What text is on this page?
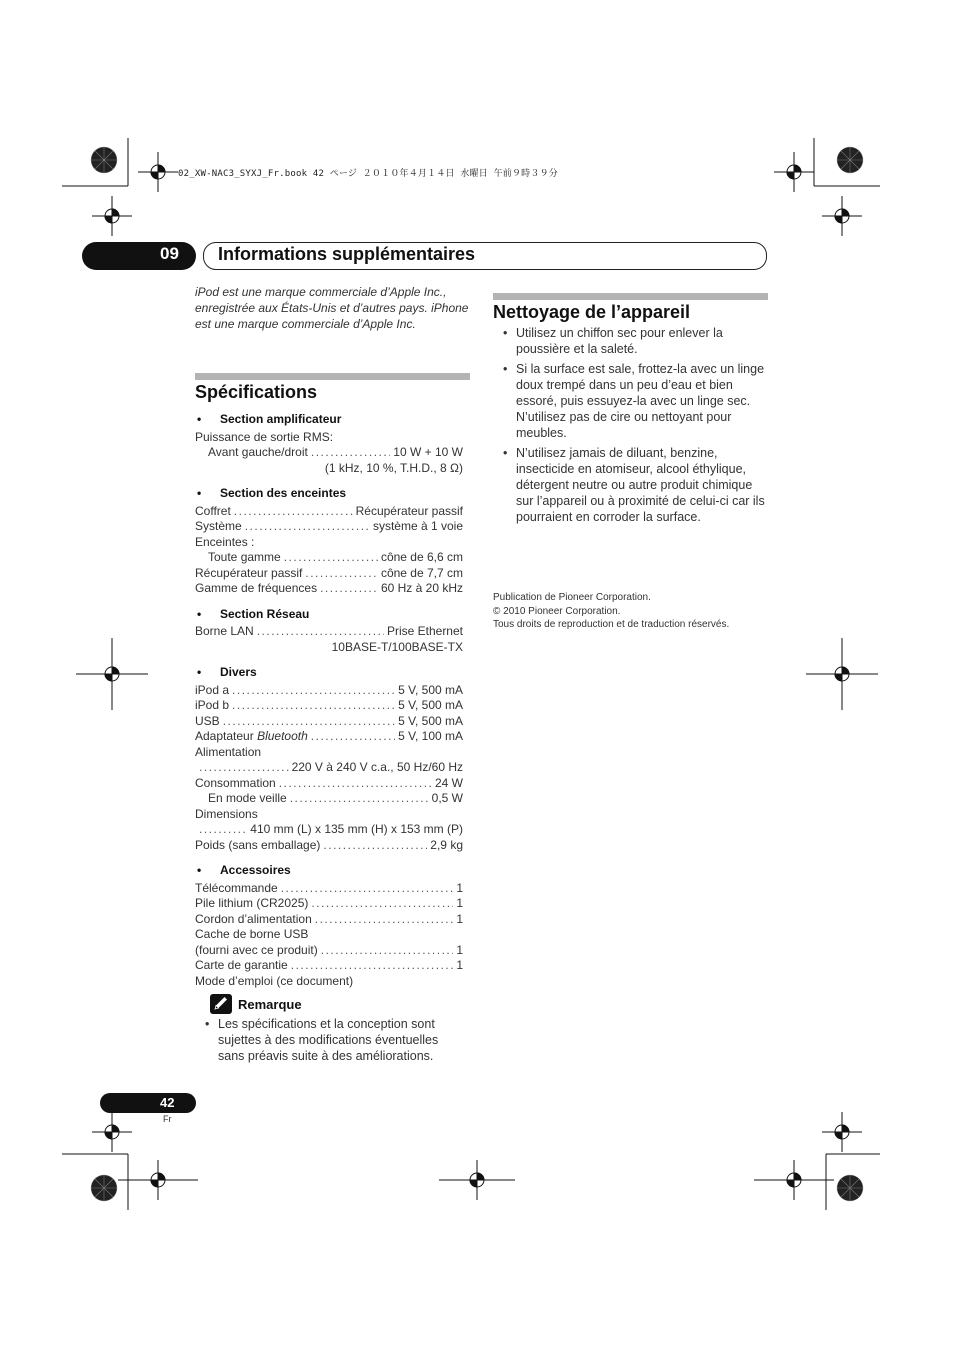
02_XW-NAC3_SYXJ_Fr.book 42 ページ ２０１０年４月１４日 水曜日 午前９時３９分
09 Informations supplémentaires
iPod est une marque commerciale d’Apple Inc., enregistrée aux États-Unis et d’autres pays. iPhone est une marque commerciale d’Apple Inc.
Spécifications
• Section amplificateur
Puissance de sortie RMS:
Avant gauche/droit .....	10 W + 10 W
(1 kHz, 10 %, T.H.D., 8 Ω)
• Section des enceintes
Coffret .....	Récupérateur passif
Système .....	système à 1 voie
Enceintes :
Toute gamme .....	cône de 6,6 cm
Récupérateur passif .....	cône de 7,7 cm
Gamme de fréquences .....	60 Hz à 20 kHz
• Section Réseau
Borne LAN .....	Prise Ethernet
10BASE-T/100BASE-TX
• Divers
iPod a .....	5 V, 500 mA
iPod b .....	5 V, 500 mA
USB .....	5 V, 500 mA
Adaptateur Bluetooth .....	5 V, 100 mA
Alimentation
.....
220 V à 240 V c.a., 50 Hz/60 Hz
Consommation .....	24 W
En mode veille .....	0,5 W
Dimensions
.....
410 mm (L) x 135 mm (H) x 153 mm (P)
Poids (sans emballage) .....	2,9 kg
• Accessoires
Télécommande .....	1
Pile lithium (CR2025) .....	1
Cordon d’alimentation .....	1
Cache de borne USB
(fourni avec ce produit) .....	1
Carte de garantie .....	1
Mode d’emploi (ce document)
Remarque
• Les spécifications et la conception sont sujettes à des modifications éventuelles sans préavis suite à des améliorations.
Nettoyage de l’appareil
• Utilisez un chiffon sec pour enlever la poussière et la saleté.
• Si la surface est sale, frottez-la avec un linge doux trempé dans un peu d’eau et bien essoré, puis essuyez-la avec un linge sec. N’utilisez pas de cire ou nettoyant pour meubles.
• N’utilisez jamais de diluant, benzine, insecticide en atomiseur, alcool éthylique, détergent neutre ou autre produit chimique sur l’appareil ou à proximité de celui-ci car ils pourraient en corroder la surface.
Publication de Pioneer Corporation.
© 2010 Pioneer Corporation.
Tous droits de reproduction et de traduction réservés.
42
Fr
